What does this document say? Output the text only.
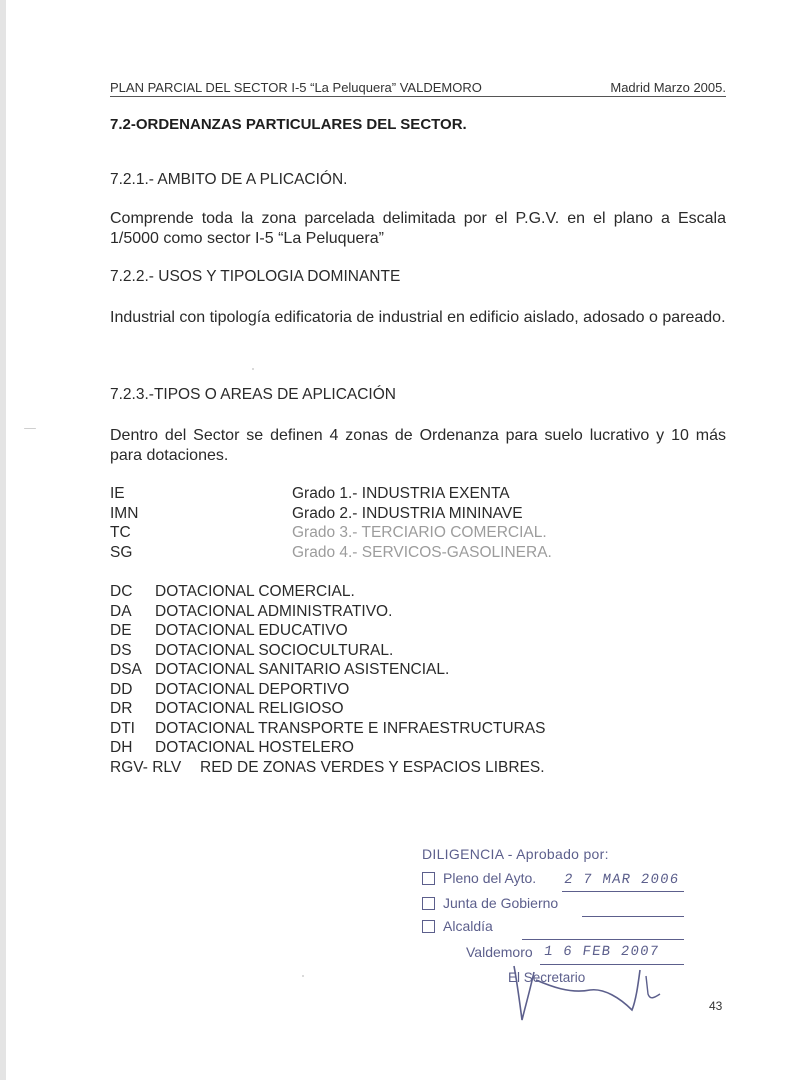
PLAN PARCIAL DEL SECTOR I-5 “La Peluquera” VALDEMORO	Madrid Marzo 2005.
7.2-ORDENANZAS PARTICULARES DEL SECTOR.

7.2.1.- AMBITO DE A PLICACIÓN.

Comprende toda la zona parcelada delimitada por el P.G.V. en el plano a Escala 1/5000 como sector I-5 “La Peluquera”

7.2.2.- USOS Y TIPOLOGIA DOMINANTE

Industrial con tipología edificatoria de industrial en edificio aislado, adosado o pareado.

7.2.3.-TIPOS O AREAS DE APLICACIÓN

Dentro del Sector se definen 4 zonas de Ordenanza para suelo lucrativo y 10 más para dotaciones.

IE	Grado 1.- INDUSTRIA EXENTA
IMN	Grado 2.- INDUSTRIA MININAVE
TC	Grado 3.- TERCIARIO COMERCIAL.
SG	Grado 4.- SERVICOS-GASOLINERA.
DC	DOTACIONAL COMERCIAL.
DA	DOTACIONAL ADMINISTRATIVO.
DE	DOTACIONAL EDUCATIVO
DS	DOTACIONAL SOCIOCULTURAL.
DSA DOTACIONAL SANITARIO ASISTENCIAL.
DD	DOTACIONAL DEPORTIVO
DR	DOTACIONAL RELIGIOSO
DTI	DOTACIONAL TRANSPORTE E INFRAESTRUCTURAS
DH	DOTACIONAL HOSTELERO
RGV- RLV	RED DE ZONAS VERDES Y ESPACIOS LIBRES.
DILIGENCIA - Aprobado por:
Pleno del Ayto. 2 7 MAR 2006
Junta de Gobierno
Alcaldía
Valdemoro 1 6 FEB 2007
El Secretario
43
